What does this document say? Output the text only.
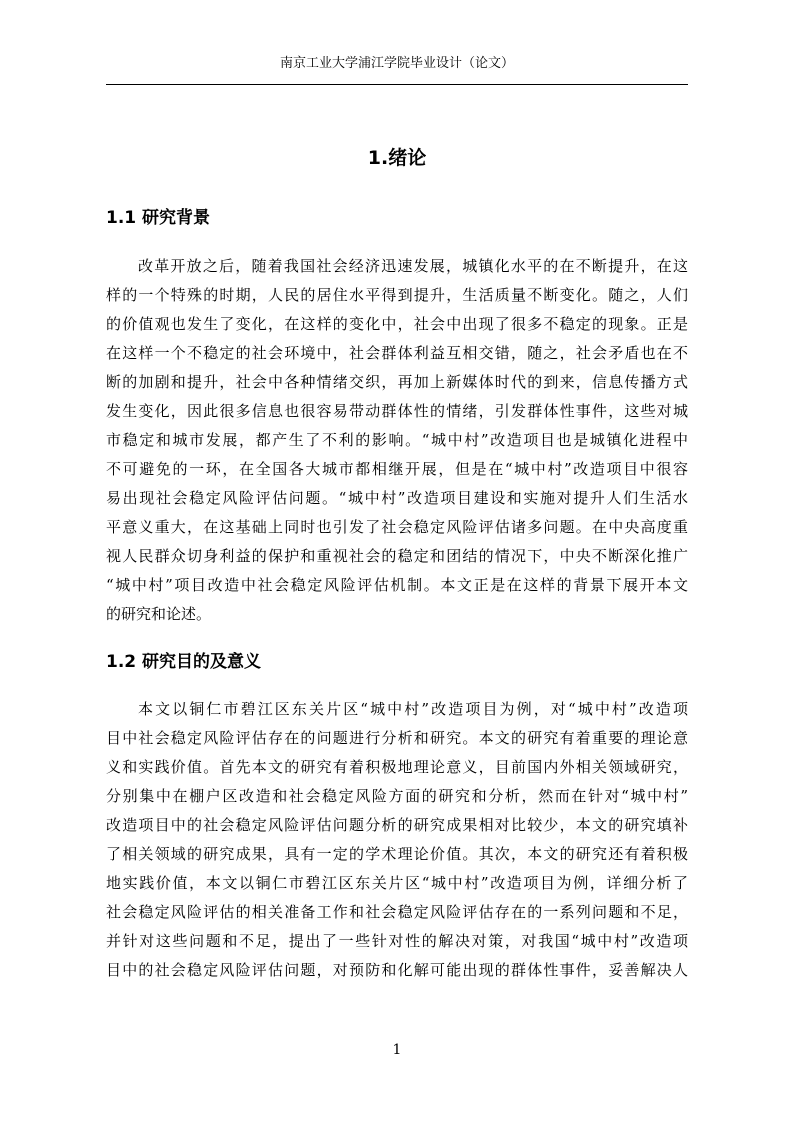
南京工业大学浦江学院毕业设计（论文）
1.绪论
1.1 研究背景
改革开放之后，随着我国社会经济迅速发展，城镇化水平的在不断提升，在这
样的一个特殊的时期，人民的居住水平得到提升，生活质量不断变化。随之，人们
的价值观也发生了变化，在这样的变化中，社会中出现了很多不稳定的现象。正是
在这样一个不稳定的社会环境中，社会群体利益互相交错，随之，社会矛盾也在不
断的加剧和提升，社会中各种情绪交织，再加上新媒体时代的到来，信息传播方式
发生变化，因此很多信息也很容易带动群体性的情绪，引发群体性事件，这些对城
市稳定和城市发展，都产生了不利的影响。“城中村”改造项目也是城镇化进程中
不可避免的一环，在全国各大城市都相继开展，但是在“城中村”改造项目中很容
易出现社会稳定风险评估问题。“城中村”改造项目建设和实施对提升人们生活水
平意义重大，在这基础上同时也引发了社会稳定风险评估诸多问题。在中央高度重
视人民群众切身利益的保护和重视社会的稳定和团结的情况下，中央不断深化推广
“城中村”项目改造中社会稳定风险评估机制。本文正是在这样的背景下展开本文
的研究和论述。
1.2 研究目的及意义
本文以铜仁市碧江区东关片区“城中村”改造项目为例，对“城中村”改造项
目中社会稳定风险评估存在的问题进行分析和研究。本文的研究有着重要的理论意
义和实践价值。首先本文的研究有着积极地理论意义，目前国内外相关领域研究，
分别集中在棚户区改造和社会稳定风险方面的研究和分析，然而在针对“城中村”
改造项目中的社会稳定风险评估问题分析的研究成果相对比较少，本文的研究填补
了相关领域的研究成果，具有一定的学术理论价值。其次，本文的研究还有着积极
地实践价值，本文以铜仁市碧江区东关片区“城中村”改造项目为例，详细分析了
社会稳定风险评估的相关准备工作和社会稳定风险评估存在的一系列问题和不足，
并针对这些问题和不足，提出了一些针对性的解决对策，对我国“城中村”改造项
目中的社会稳定风险评估问题，对预防和化解可能出现的群体性事件，妥善解决人
1
